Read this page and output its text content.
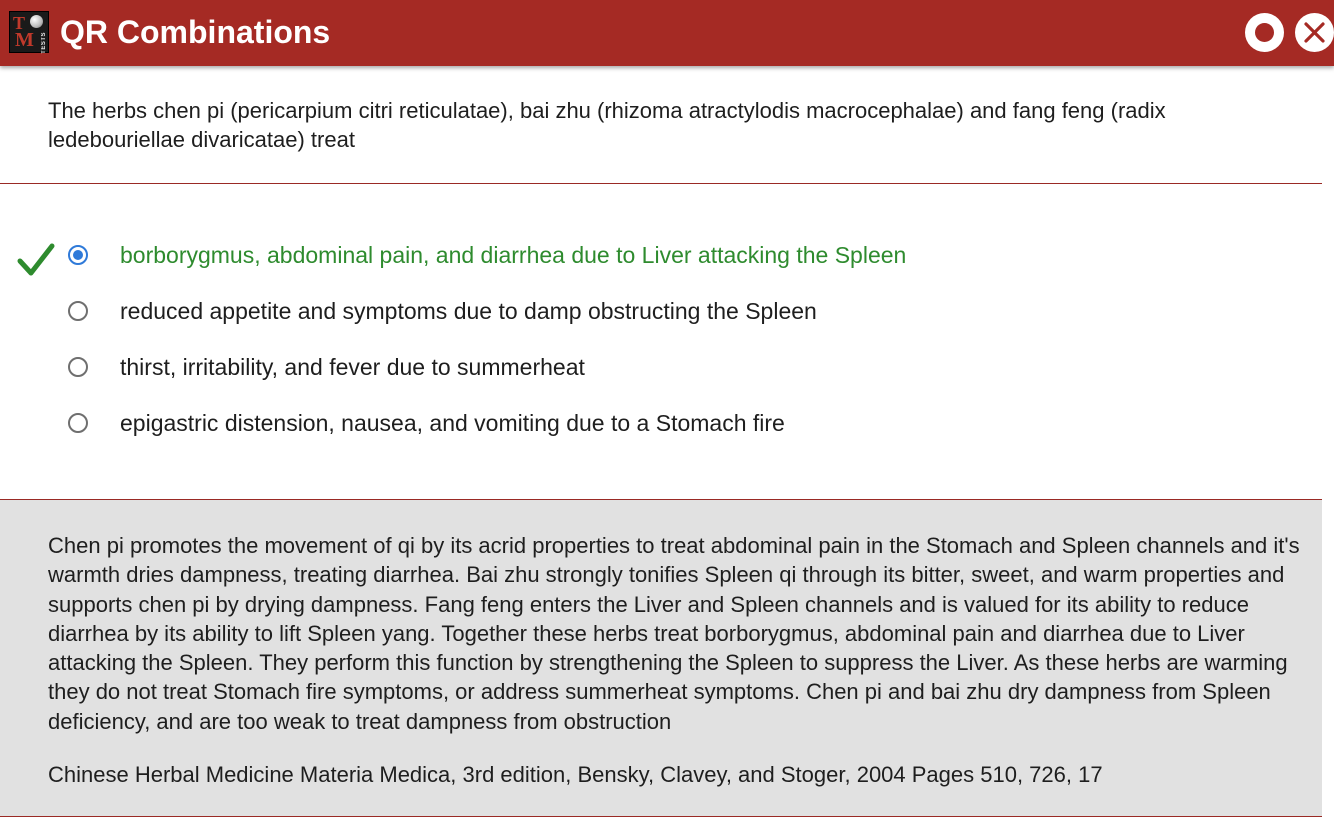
T
M TESTS QR Combinations
The herbs chen pi (pericarpium citri reticulatae), bai zhu (rhizoma atractylodis macrocephalae) and fang feng (radix ledebouriellae divaricatae) treat
borborygmus, abdominal pain, and diarrhea due to Liver attacking the Spleen
reduced appetite and symptoms due to damp obstructing the Spleen
thirst, irritability, and fever due to summerheat
epigastric distension, nausea, and vomiting due to a Stomach fire
Chen pi promotes the movement of qi by its acrid properties to treat abdominal pain in the Stomach and Spleen channels and it's warmth dries dampness, treating diarrhea. Bai zhu strongly tonifies Spleen qi through its bitter, sweet, and warm properties and supports chen pi by drying dampness. Fang feng enters the Liver and Spleen channels and is valued for its ability to reduce diarrhea by its ability to lift Spleen yang. Together these herbs treat borborygmus, abdominal pain and diarrhea due to Liver attacking the Spleen. They perform this function by strengthening the Spleen to suppress the Liver. As these herbs are warming they do not treat Stomach fire symptoms, or address summerheat symptoms. Chen pi and bai zhu dry dampness from Spleen deficiency, and are too weak to treat dampness from obstruction
Chinese Herbal Medicine Materia Medica, 3rd edition, Bensky, Clavey, and Stoger, 2004 Pages 510, 726, 17
